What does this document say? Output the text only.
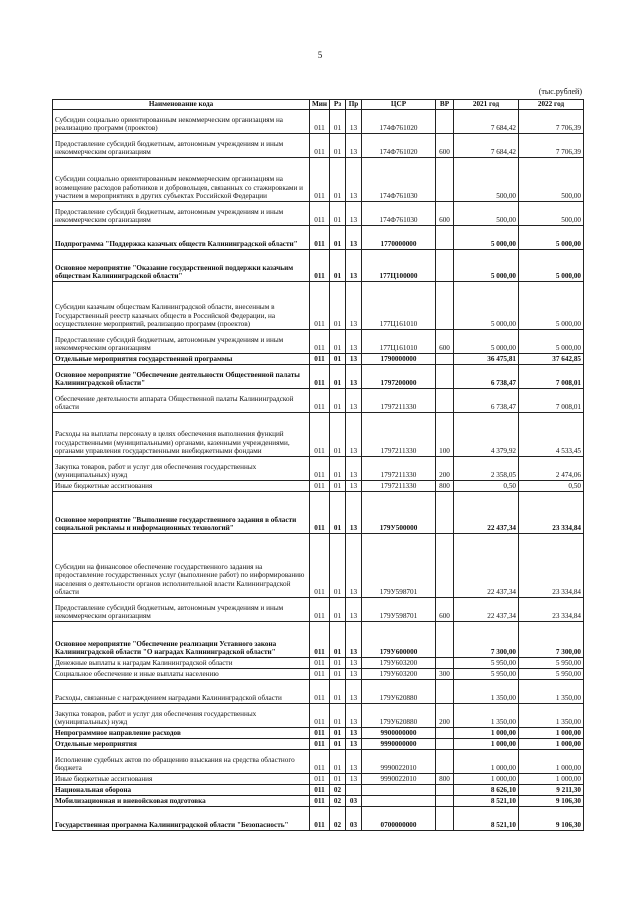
5
(тыс.рублей)
Наименование кода	Мин	Рз	Пр	ЦСР	ВР	2021 год	2022 год
Субсидии социально ориентированным некоммерческим организациям на реализацию программ (проектов)	011	01	13	174Ф761020		7 684,42	7 706,39
Предоставление субсидий бюджетным, автономным учреждениям и иным некоммерческим организациям	011	01	13	174Ф761020	600	7 684,42	7 706,39
Субсидии социально ориентированным некоммерческим организациям на возмещение расходов работников и добровольцев, связанных со стажировками и участием в мероприятиях в других субъектах Российской Федерации	011	01	13	174Ф761030		500,00	500,00
Предоставление субсидий бюджетным, автономным учреждениям и иным некоммерческим организациям	011	01	13	174Ф761030	600	500,00	500,00
Подпрограмма "Поддержка казачьих обществ Калининградской области"	011	01	13	1770000000		5 000,00	5 000,00
Основное мероприятие "Оказание государственной поддержки казачьим обществам Калининградской области"	011	01	13	177Ц100000		5 000,00	5 000,00
Субсидии казачьим обществам Калининградской области, внесенным в Государственный реестр казачьих обществ в Российской Федерации, на осуществление мероприятий, реализацию программ (проектов)	011	01	13	177Ц161010		5 000,00	5 000,00
Предоставление субсидий бюджетным, автономным учреждениям и иным некоммерческим организациям	011	01	13	177Ц161010	600	5 000,00	5 000,00
Отдельные мероприятия государственной программы	011	01	13	1790000000		36 475,81	37 642,85
Основное мероприятие "Обеспечение деятельности Общественной палаты Калининградской области"	011	01	13	1797200000		6 738,47	7 008,01
Обеспечение деятельности аппарата Общественной палаты Калининградской области	011	01	13	1797211330		6 738,47	7 008,01
Расходы на выплаты персоналу в целях обеспечения выполнения функций государственными (муниципальными) органами, казенными учреждениями, органами управления государственными внебюджетными фондами	011	01	13	1797211330	100	4 379,92	4 533,45
Закупка товаров, работ и услуг для обеспечения государственных (муниципальных) нужд	011	01	13	1797211330	200	2 358,05	2 474,06
Иные бюджетные ассигнования	011	01	13	1797211330	800	0,50	0,50
Основное мероприятие "Выполнение государственного задания в области социальной рекламы и информационных технологий"	011	01	13	179У500000		22 437,34	23 334,84
Субсидии на финансовое обеспечение государственного задания на предоставление государственных услуг (выполнение работ) по информированию населения о деятельности органов исполнительной власти Калининградской области	011	01	13	179У598701		22 437,34	23 334,84
Предоставление субсидий бюджетным, автономным учреждениям и иным некоммерческим организациям	011	01	13	179У598701	600	22 437,34	23 334,84
Основное мероприятие "Обеспечение реализации Уставного закона Калининградской области "О наградах Калининградской области"	011	01	13	179У600000		7 300,00	7 300,00
Денежные выплаты к наградам Калининградской области	011	01	13	179У603200		5 950,00	5 950,00
Социальное обеспечение и иные выплаты населению	011	01	13	179У603200	300	5 950,00	5 950,00
Расходы, связанные с награждением наградами Калининградской области	011	01	13	179У620880		1 350,00	1 350,00
Закупка товаров, работ и услуг для обеспечения государственных (муниципальных) нужд	011	01	13	179У620880	200	1 350,00	1 350,00
Непрограммное направление расходов	011	01	13	9900000000		1 000,00	1 000,00
Отдельные мероприятия	011	01	13	9990000000		1 000,00	1 000,00
Исполнение судебных актов по обращению взыскания на средства областного бюджета	011	01	13	9990022010		1 000,00	1 000,00
Иные бюджетные ассигнования	011	01	13	9990022010	800	1 000,00	1 000,00
Национальная оборона	011	02				8 626,10	9 211,30
Мобилизационная и вневойсковая подготовка	011	02	03			8 521,10	9 106,30
Государственная программа Калининградской области "Безопасность"	011	02	03	0700000000		8 521,10	9 106,30
